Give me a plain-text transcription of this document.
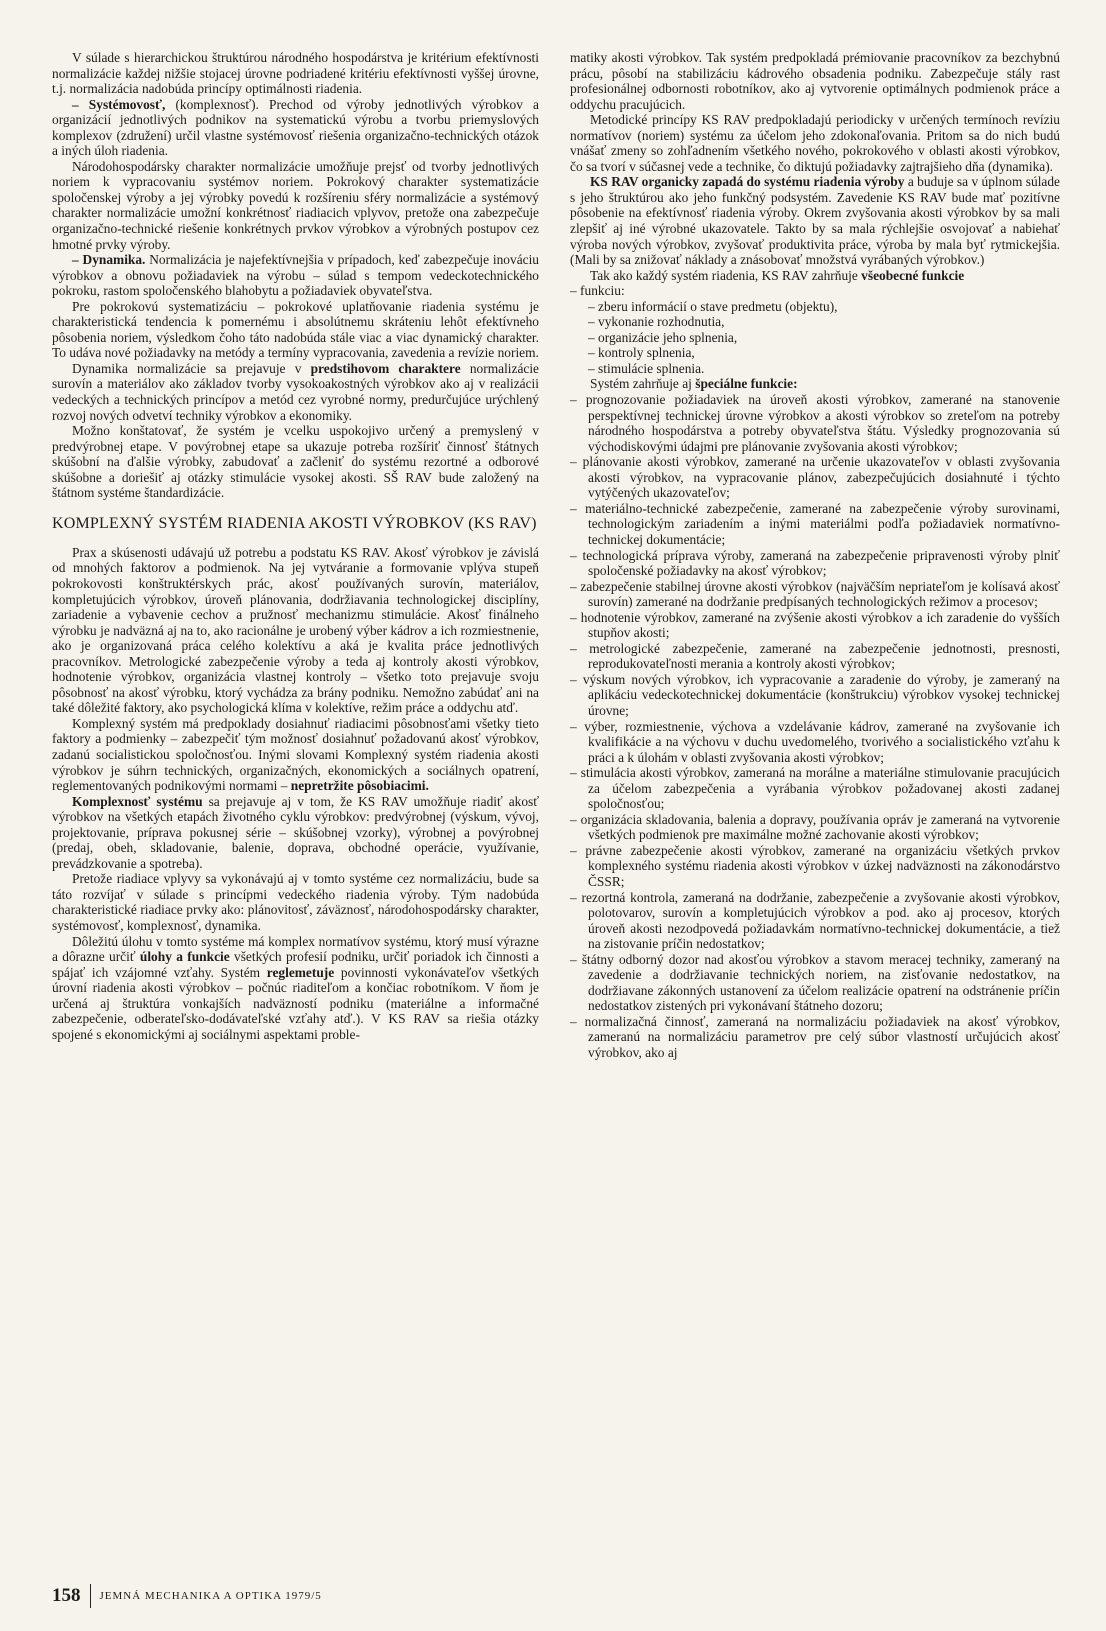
V súlade s hierarchickou štruktúrou národného hospodárstva je kritérium efektívnosti normalizácie každej nižšie stojacej úrovne podriadené kritériu efektívnosti vyššej úrovne, t.j. normalizácia nadobúda princípy optimálnosti riadenia.

– Systémovosť, (komplexnosť). Prechod od výroby jednotlivých výrobkov a organizácií jednotlivých podnikov na systematickú výrobu a tvorbu priemyslových komplexov (združení) určil vlastne systémovosť riešenia organizačno-technických otázok a iných úloh riadenia.

Národohospodársky charakter normalizácie umožňuje prejsť od tvorby jednotlivých noriem k vypracovaniu systémov noriem. Pokrokový charakter systematizácie spoločenskej výroby a jej výrobky povedú k rozšíreniu sféry normalizácie a systémový charakter normalizácie umožní konkrétnosť riadiacich vplyvov, pretože ona zabezpečuje organizačno-technické riešenie konkrétnych prvkov výrobkov a výrobných postupov cez hmotné prvky výroby.

– Dynamika. Normalizácia je najefektívnejšia v prípadoch, keď zabezpečuje inováciu výrobkov a obnovu požiadaviek na výrobu – súlad s tempom vedeckotechnického pokroku, rastom spoločenského blahobytu a požiadaviek obyvateľstva.

Pre pokrokovú systematizáciu – pokrokové uplatňovanie riadenia systému je charakteristická tendencia k pomernému i absolútnemu skráteniu lehôt efektívneho pôsobenia noriem, výsledkom čoho táto nadobúda stále viac a viac dynamický charakter. To udáva nové požiadavky na metódy a termíny vypracovania, zavedenia a revízie noriem.

Dynamika normalizácie sa prejavuje v predstihovom charaktere normalizácie surovín a materiálov ako základov tvorby vysokoakostných výrobkov ako aj v realizácii vedeckých a technických princípov a metód cez vyrobné normy, predurčujúce urýchlený rozvoj nových odvetví techniky výrobkov a ekonomiky.

Možno konštatovať, že systém je vcelku uspokojivo určený a premyslený v predvýrobnej etape. V povýrobnej etape sa ukazuje potreba rozšíriť činnosť štátnych skúšobní na ďalšie výrobky, zabudovať a začleniť do systému rezortné a odborové skúšobne a doriešiť aj otázky stimulácie vysokej akosti. SŠ RAV bude založený na štátnom systéme štandardizácie.

KOMPLEXNÝ SYSTÉM RIADENIA AKOSTI VÝROBKOV (KS RAV)

Prax a skúsenosti udávajú už potrebu a podstatu KS RAV. Akosť výrobkov je závislá od mnohých faktorov a podmienok. Na jej vytváranie a formovanie vplýva stupeň pokrokovosti konštruktérskych prác, akosť používaných surovín, materiálov, kompletujúcich výrobkov, úroveň plánovania, dodržiavania technologickej disciplíny, zariadenie a vybavenie cechov a pružnosť mechanizmu stimulácie. Akosť finálneho výrobku je nadväzná aj na to, ako racionálne je urobený výber kádrov a ich rozmiestnenie, ako je organizovaná práca celého kolektívu a aká je kvalita práce jednotlivých pracovníkov. Metrologické zabezpečenie výroby a teda aj kontroly akosti výrobkov, hodnotenie výrobkov, organizácia vlastnej kontroly – všetko toto prejavuje svoju pôsobnosť na akosť výrobku, ktorý vychádza za brány podniku. Nemožno zabúdať ani na také dôležité faktory, ako psychologická klíma v kolektíve, režim práce a oddychu atď.

Komplexný systém má predpoklady dosiahnuť riadiacimi pôsobnosťami všetky tieto faktory a podmienky – zabezpečiť tým možnosť dosiahnuť požadovanú akosť výrobkov, zadanú socialistickou spoločnosťou. Inými slovami Komplexný systém riadenia akosti výrobkov je súhrn technických, organizačných, ekonomických a sociálnych opatrení, reglementovaných podnikovými normami – nepretržite pôsobiacimi.

Komplexnosť systému sa prejavuje aj v tom, že KS RAV umožňuje riadiť akosť výrobkov na všetkých etapách životného cyklu výrobkov: predvýrobnej (výskum, vývoj, projektovanie, príprava pokusnej série – skúšobnej vzorky), výrobnej a povýrobnej (predaj, obeh, skladovanie, balenie, doprava, obchodné operácie, využívanie, prevádzkovanie a spotreba).

Pretože riadiace vplyvy sa vykonávajú aj v tomto systéme cez normalizáciu, bude sa táto rozvíjať v súlade s princípmi vedeckého riadenia výroby. Tým nadobúda charakteristické riadiace prvky ako: plánovitosť, záväznosť, národohospodársky charakter, systémovosť, komplexnosť, dynamika.

Dôležitú úlohu v tomto systéme má komplex normatívov systému, ktorý musí výrazne a dôrazne určiť úlohy a funkcie všetkých profesií podniku, určiť poriadok ich činnosti a spájať ich vzájomné vzťahy. Systém reglemetuje povinnosti vykonávateľov všetkých úrovní riadenia akosti výrobkov – počnúc riaditeľom a končiac robotníkom. V ňom je určená aj štruktúra vonkajších nadväzností podniku (materiálne a informačné zabezpečenie, odberateľsko-dodávateľské vzťahy atď.). V KS RAV sa riešia otázky spojené s ekonomickými aj sociálnymi aspektami proble-

matiky akosti výrobkov. Tak systém predpokladá prémiovanie pracovníkov za bezchybnú prácu, pôsobí na stabilizáciu kádrového obsadenia podniku. Zabezpečuje stály rast profesionálnej odbornosti robotníkov, ako aj vytvorenie optimálnych podmienok práce a oddychu pracujúcich.

Metodické princípy KS RAV predpokladajú periodicky v určených termínoch revíziu normatívov (noriem) systému za účelom jeho zdokonaľovania. Pritom sa do nich budú vnášať zmeny so zohľadnením všetkého nového, pokrokového v oblasti akosti výrobkov, čo sa tvorí v súčasnej vede a technike, čo diktujú požiadavky zajtrajšieho dňa (dynamika).

KS RAV organicky zapadá do systému riadenia výroby a buduje sa v úplnom súlade s jeho štruktúrou ako jeho funkčný podsystém. Zavedenie KS RAV bude mať pozitívne pôsobenie na efektívnosť riadenia výroby. Okrem zvyšovania akosti výrobkov by sa mali zlepšiť aj iné výrobné ukazovatele. Takto by sa mala rýchlejšie osvojovať a nabiehať výroba nových výrobkov, zvyšovať produktivita práce, výroba by mala byť rytmickejšia. (Mali by sa znižovať náklady a znásobovať množstvá vyrábaných výrobkov.)

Tak ako každý systém riadenia, KS RAV zahrňuje všeobecné funkcie

– funkciu:

– zberu informácií o stave predmetu (objektu),

– vykonanie rozhodnutia,

– organizácie jeho splnenia,

– kontroly splnenia,

– stimulácie splnenia.

Systém zahrňuje aj špeciálne funkcie:

– prognozovanie požiadaviek na úroveň akosti výrobkov, zamerané na stanovenie perspektívnej technickej úrovne výrobkov a akosti výrobkov so zreteľom na potreby národného hospodárstva a potreby obyvateľstva štátu. Výsledky prognozovania sú východiskovými údajmi pre plánovanie zvyšovania akosti výrobkov;

– plánovanie akosti výrobkov, zamerané na určenie ukazovateľov v oblasti zvyšovania akosti výrobkov, na vypracovanie plánov, zabezpečujúcich dosiahnuté i týchto vytýčených ukazovateľov;

– materiálno-technické zabezpečenie, zamerané na zabezpečenie výroby surovinami, technologickým zariadením a inými materiálmi podľa požiadaviek normatívno-technickej dokumentácie;

– technologická príprava výroby, zameraná na zabezpečenie pripravenosti výroby plniť spoločenské požiadavky na akosť výrobkov;

– zabezpečenie stabilnej úrovne akosti výrobkov (najväčším nepriateľom je kolísavá akosť surovín) zamerané na dodržanie predpísaných technologických režimov a procesov;

– hodnotenie výrobkov, zamerané na zvýšenie akosti výrobkov a ich zaradenie do vyšších stupňov akosti;

– metrologické zabezpečenie, zamerané na zabezpečenie jednotnosti, presnosti, reprodukovateľnosti merania a kontroly akosti výrobkov;

– výskum nových výrobkov, ich vypracovanie a zaradenie do výroby, je zameraný na aplikáciu vedeckotechnickej dokumentácie (konštrukciu) výrobkov vysokej technickej úrovne;

– výber, rozmiestnenie, výchova a vzdelávanie kádrov, zamerané na zvyšovanie ich kvalifikácie a na výchovu v duchu uvedomelého, tvorivého a socialistického vzťahu k práci a k úlohám v oblasti zvyšovania akosti výrobkov;

– stimulácia akosti výrobkov, zameraná na morálne a materiálne stimulovanie pracujúcich za účelom zabezpečenia a vyrábania výrobkov požadovanej akosti zadanej spoločnosťou;

– organizácia skladovania, balenia a dopravy, používania opráv je zameraná na vytvorenie všetkých podmienok pre maximálne možné zachovanie akosti výrobkov;

– právne zabezpečenie akosti výrobkov, zamerané na organizáciu všetkých prvkov komplexného systému riadenia akosti výrobkov v úzkej nadväznosti na zákonodárstvo ČSSR;

– rezortná kontrola, zameraná na dodržanie, zabezpečenie a zvyšovanie akosti výrobkov, polotovarov, surovín a kompletujúcich výrobkov a pod. ako aj procesov, ktorých úroveň akosti nezodpovedá požiadavkám normatívno-technickej dokumentácie, a tiež na zistovanie príčin nedostatkov;

– štátny odborný dozor nad akosťou výrobkov a stavom meracej techniky, zameraný na zavedenie a dodržiavanie technických noriem, na zisťovanie nedostatkov, na dodržiavane zákonných ustanovení za účelom realizácie opatrení na odstránenie príčin nedostatkov zistených pri vykonávaní štátneho dozoru;

– normalizačná činnosť, zameraná na normalizáciu požiadaviek na akosť výrobkov, zameranú na normalizáciu parametrov pre celý súbor vlastností určujúcich akosť výrobkov, ako aj

158 JEMNÁ MECHANIKA A OPTIKA 1979/5
